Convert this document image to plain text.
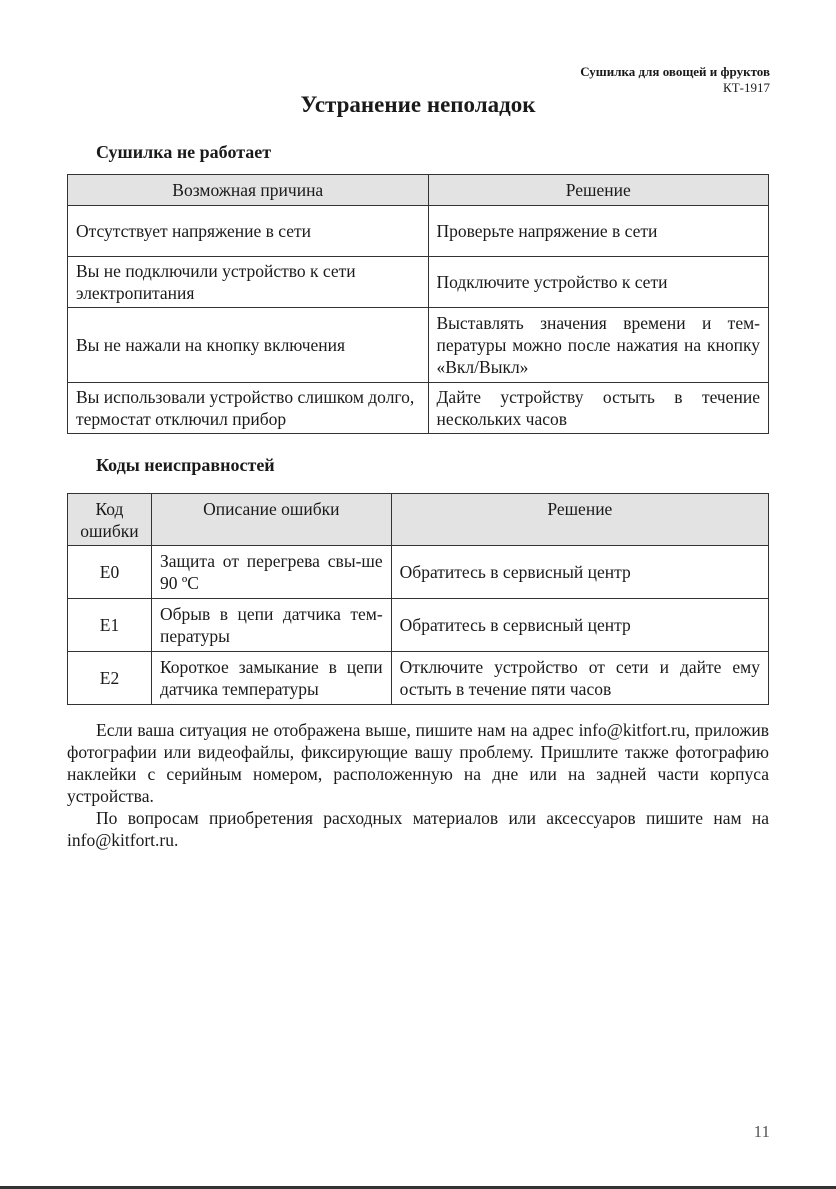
Сушилка для овощей и фруктов
КТ-1917
Устранение неполадок
Сушилка не работает
Возможная причина	Решение
Отсутствует напряжение в сети	Проверьте напряжение в сети
Вы не подключили устройство к сети электропитания	Подключите устройство к сети
Вы не нажали на кнопку включения	Выставлять значения времени и тем-пературы можно после нажатия на кнопку «Вкл/Выкл»
Вы использовали устройство слишком долго, термостат отключил прибор	Дайте устройству остыть в течение нескольких часов
Коды неисправностей
Код ошибки	Описание ошибки	Решение
E0	Защита от перегрева свы-ше 90 ºС	Обратитесь в сервисный центр
E1	Обрыв в цепи датчика тем-пературы	Обратитесь в сервисный центр
E2	Короткое замыкание в цепи датчика температуры	Отключите устройство от сети и дайте ему остыть в течение пяти часов

Если ваша ситуация не отображена выше, пишите нам на адрес info@kitfort.ru, приложив фотографии или видеофайлы, фиксирующие вашу проблему. Пришлите также фотографию наклейки с серийным номером, расположенную на дне или на задней части корпуса устройства.

По вопросам приобретения расходных материалов или аксессуаров пишите нам на info@kitfort.ru.

11
